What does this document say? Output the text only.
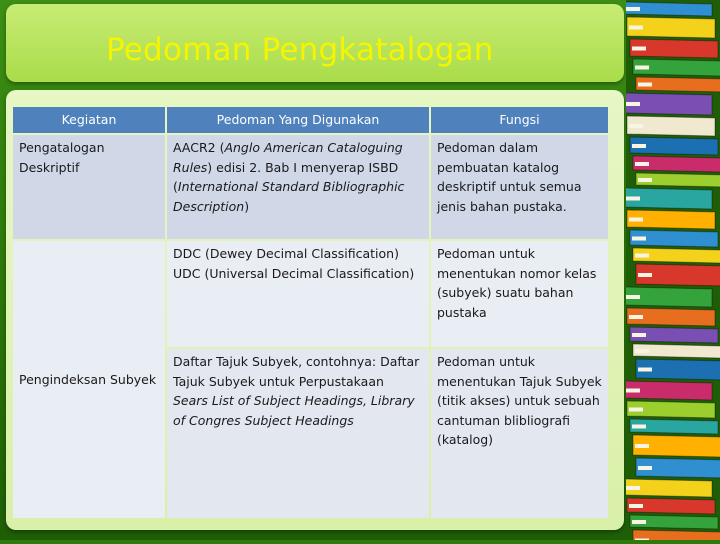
Pedoman Pengkatalogan
Kegiatan	Pedoman Yang Digunakan	Fungsi
Pengatalogan Deskriptif
AACR2 (Anglo American Cataloguing Rules) edisi 2. Bab I menyerap ISBD (International Standard Bibliographic Description)
Pedoman dalam pembuatan katalog deskriptif untuk semua jenis bahan pustaka.
Pengindeksan Subyek
DDC (Dewey Decimal Classification)
UDC (Universal Decimal Classification)
Pedoman untuk menentukan nomor kelas (subyek) suatu bahan pustaka
Daftar Tajuk Subyek, contohnya: Daftar Tajuk Subyek untuk Perpustakaan
Sears List of Subject Headings, Library of Congres Subject Headings
Pedoman untuk menentukan Tajuk Subyek (titik akses) untuk sebuah cantuman blibliografi (katalog)
